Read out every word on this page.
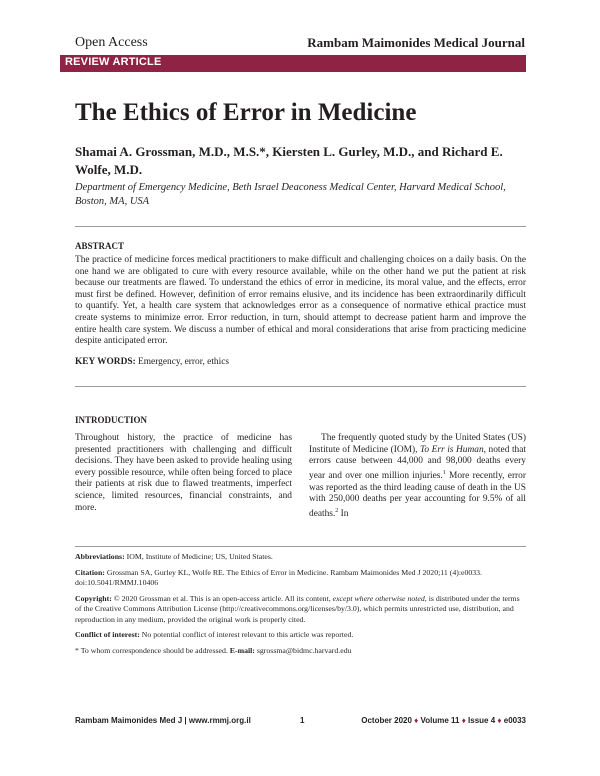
Open Access	Rambam Maimonides Medical Journal
REVIEW ARTICLE
The Ethics of Error in Medicine
Shamai A. Grossman, M.D., M.S.*, Kiersten L. Gurley, M.D., and Richard E. Wolfe, M.D.
Department of Emergency Medicine, Beth Israel Deaconess Medical Center, Harvard Medical School, Boston, MA, USA
ABSTRACT

The practice of medicine forces medical practitioners to make difficult and challenging choices on a daily basis. On the one hand we are obligated to cure with every resource available, while on the other hand we put the patient at risk because our treatments are flawed. To understand the ethics of error in medicine, its moral value, and the effects, error must first be defined. However, definition of error remains elusive, and its incidence has been extraordinarily difficult to quantify. Yet, a health care system that acknowledges error as a consequence of normative ethical practice must create systems to minimize error. Error reduction, in turn, should attempt to decrease patient harm and improve the entire health care system. We discuss a number of ethical and moral considerations that arise from practicing medicine despite anticipated error.

KEY WORDS: Emergency, error, ethics
INTRODUCTION

Throughout history, the practice of medicine has presented practitioners with challenging and difficult decisions. They have been asked to provide healing using every possible resource, while often being forced to place their patients at risk due to flawed treatments, imperfect science, limited resources, financial constraints, and more.

The frequently quoted study by the United States (US) Institute of Medicine (IOM), To Err is Human, noted that errors cause between 44,000 and 98,000 deaths every year and over one million injuries.$^1$ More recently, error was reported as the third leading cause of death in the US with 250,000 deaths per year accounting for 9.5% of all deaths.$^2$ In

Abbreviations: IOM, Institute of Medicine; US, United States.

Citation: Grossman SA, Gurley KL, Wolfe RE. The Ethics of Error in Medicine. Rambam Maimonides Med J 2020;11 (4):e0033. doi:10.5041/RMMJ.10406

Copyright: © 2020 Grossman et al. This is an open-access article. All its content, except where otherwise noted, is distributed under the terms of the Creative Commons Attribution License (http://creativecommons.org/licenses/by/3.0), which permits unrestricted use, distribution, and reproduction in any medium, provided the original work is properly cited.

Conflict of interest: No potential conflict of interest relevant to this article was reported.

* To whom correspondence should be addressed. E-mail: sgrossma@bidmc.harvard.edu

Rambam Maimonides Med J | www.rmmj.org.il	1	October 2020 ♦ Volume 11 ♦ Issue 4 ♦ e0033
